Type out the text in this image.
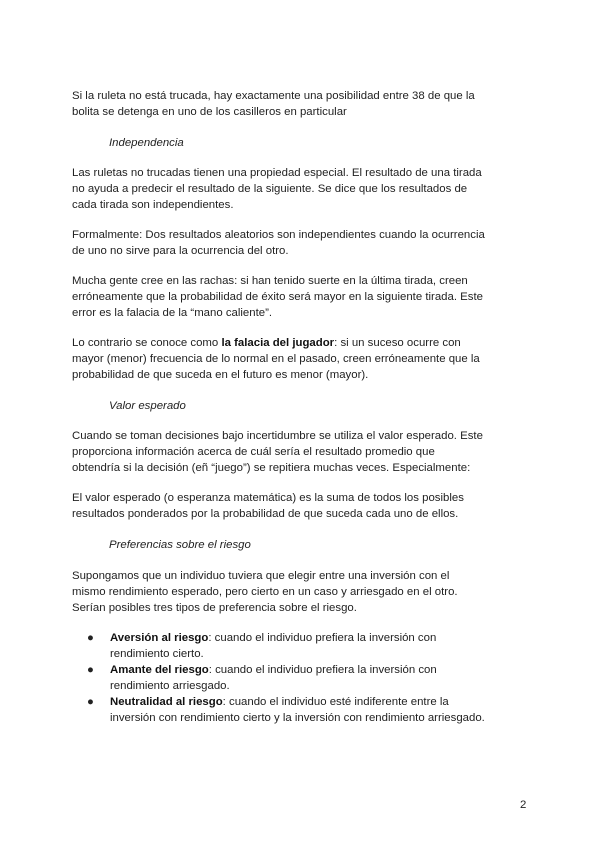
Si la ruleta no está trucada, hay exactamente una posibilidad entre 38 de que la
bolita se detenga en uno de los casilleros en particular

Independencia

Las ruletas no trucadas tienen una propiedad especial. El resultado de una tirada
no ayuda a predecir el resultado de la siguiente. Se dice que los resultados de
cada tirada son independientes.

Formalmente: Dos resultados aleatorios son independientes cuando la ocurrencia
de uno no sirve para la ocurrencia del otro.

Mucha gente cree en las rachas: si han tenido suerte en la última tirada, creen
erróneamente que la probabilidad de éxito será mayor en la siguiente tirada. Este
error es la falacia de la “mano caliente”.

Lo contrario se conoce como la falacia del jugador: si un suceso ocurre con
mayor (menor) frecuencia de lo normal en el pasado, creen erróneamente que la
probabilidad de que suceda en el futuro es menor (mayor).

Valor esperado

Cuando se toman decisiones bajo incertidumbre se utiliza el valor esperado. Este
proporciona información acerca de cuál sería el resultado promedio que
obtendría si la decisión (eñ “juego”) se repitiera muchas veces. Especialmente:

El valor esperado (o esperanza matemática) es la suma de todos los posibles
resultados ponderados por la probabilidad de que suceda cada uno de ellos.

Preferencias sobre el riesgo

Supongamos que un individuo tuviera que elegir entre una inversión con el
mismo rendimiento esperado, pero cierto en un caso y arriesgado en el otro.
Serían posibles tres tipos de preferencia sobre el riesgo.

● Aversión al riesgo: cuando el individuo prefiera la inversión con
rendimiento cierto.
● Amante del riesgo: cuando el individuo prefiera la inversión con
rendimiento arriesgado.
● Neutralidad al riesgo: cuando el individuo esté indiferente entre la
inversión con rendimiento cierto y la inversión con rendimiento arriesgado.

2
